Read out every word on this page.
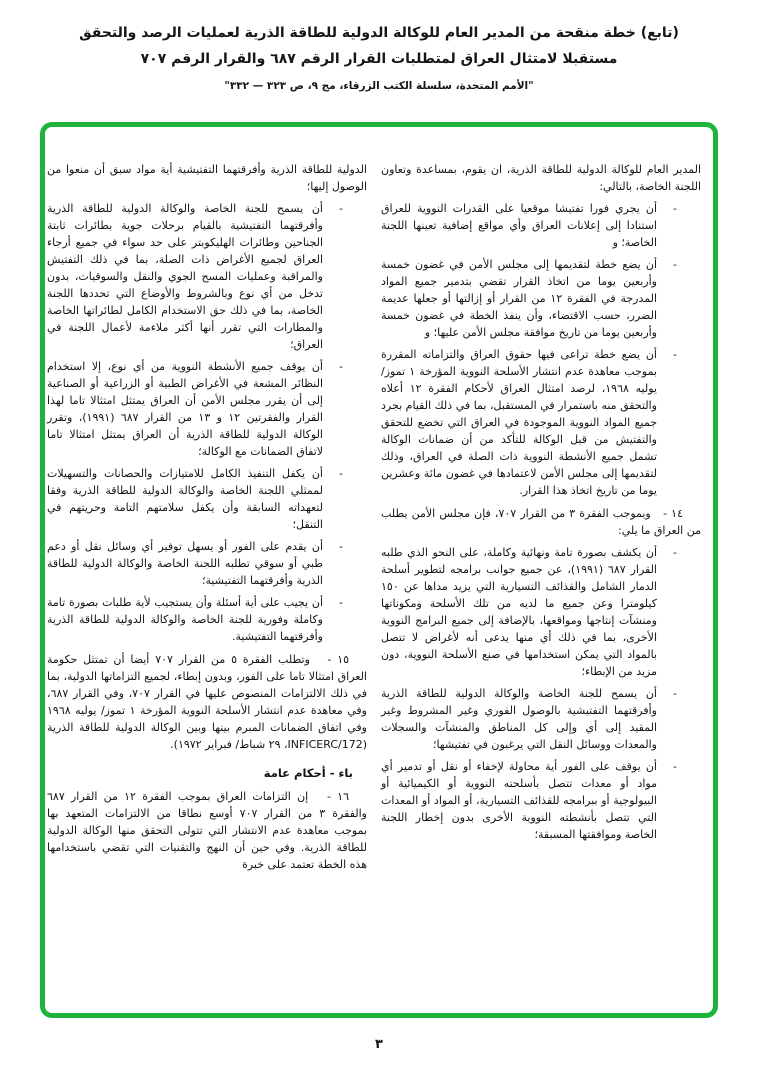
(تابع) خطة منقحة من المدير العام للوكالة الدولية للطاقة الذرية لعمليات الرصد والتحقق
مستقبلا لامتثال العراق لمتطلبات القرار الرقم ٦٨٧ والقرار الرقم ٧٠٧
"الأمم المتحدة، سلسلة الكتب الزرقاء، مج ٩، ص ٣٢٣ — ٣٣٢"

المدير العام للوكالة الدولية للطاقة الذرية، ان يقوم، بمساعدة وتعاون اللجنة الخاصة، بالتالي:

-
أن يجري فورا تفتيشا موقعيا على القدرات النووية للعراق استنادا إلى إعلانات العراق وأي مواقع إضافية تعينها اللجنة الخاصة؛ و
-
أن يضع خطة لتقديمها إلى مجلس الأمن في غضون خمسة وأربعين يوما من اتخاذ القرار تقضي بتدمير جميع المواد المدرجة في الفقرة ١٢ من القرار أو إزالتها أو جعلها عديمة الضرر، حسب الاقتضاء، وأن ينفذ الخطة في غضون خمسة وأربعين يوما من تاريخ موافقة مجلس الأمن عليها؛ و
-
أن يضع خطة تراعى فيها حقوق العراق والتزاماته المقررة بموجب معاهدة عدم انتشار الأسلحة النووية المؤرخة ١ تموز/ يوليه ١٩٦٨، لرصد امتثال العراق لأحكام الفقرة ١٢ أعلاه والتحقق منه باستمرار في المستقبل، بما في ذلك القيام بجرد جميع المواد النووية الموجودة في العراق التي تخضع للتحقق والتفتيش من قبل الوكالة للتأكد من أن ضمانات الوكالة تشمل جميع الأنشطة النووية ذات الصلة في العراق، وذلك لتقديمها إلى مجلس الأمن لاعتمادها في غضون مائة وعشرين يوما من تاريخ اتخاذ هذا القرار.

١٤ -   وبموجب الفقرة ٣ من القرار ٧٠٧، فإن مجلس الأمن يطلب من العراق ما يلي:

-
أن يكشف بصورة تامة ونهائية وكاملة، على النحو الذي طلبه القرار ٦٨٧ (١٩٩١)، عن جميع جوانب برامجه لتطوير أسلحة الدمار الشامل والقذائف التسيارية التي يزيد مداها عن ١٥٠ كيلومترا وعن جميع ما لديه من تلك الأسلحة ومكوناتها ومنشآت إنتاجها ومواقعها، بالإضافة إلى جميع البرامج النووية الأخرى، بما في ذلك أي منها يدعى أنه لأغراض لا تتصل بالمواد التي يمكن استخدامها في صنع الأسلحة النووية، دون مزيد من الإبطاء؛
-
أن يسمح للجنة الخاصة والوكالة الدولية للطاقة الذرية وأفرقتهما التفتيشية بالوصول الفوري وغير المشروط وغير المقيد إلى أي وإلى كل المناطق والمنشآت والسجلات والمعدات ووسائل النقل التي يرغبون في تفتيشها؛
-
أن يوقف على الفور أية محاولة لإخفاء أو نقل أو تدمير أي مواد أو معدات تتصل بأسلحته النووية أو الكيميائية أو البيولوجية أو ببرامجه للقذائف التسيارية، أو المواد أو المعدات التي تتصل بأنشطته النووية الأخرى بدون إخطار اللجنة الخاصة وموافقتها المسبقة؛

الدولية للطاقة الذرية وأفرقتهما التفتيشية أية مواد سبق أن منعوا من الوصول إليها؛

-
أن يسمح للجنة الخاصة والوكالة الدولية للطاقة الذرية وأفرقتهما التفتيشية بالقيام برحلات جوية بطائرات ثابتة الجناحين وطائرات الهليكوبتر على حد سواء في جميع أرجاء العراق لجميع الأغراض ذات الصلة، بما في ذلك التفتيش والمراقبة وعمليات المسح الجوي والنقل والسوقيات، بدون تدخل من أي نوع وبالشروط والأوضاع التي تحددها اللجنة الخاصة، بما في ذلك حق الاستخدام الكامل لطائراتها الخاصة والمطارات التي تقرر أنها أكثر ملاءمة لأعمال اللجنة في العراق؛
-
أن يوقف جميع الأنشطة النووية من أي نوع، إلا استخدام النظائر المشعة في الأغراض الطبية أو الزراعية أو الصناعية إلى أن يقرر مجلس الأمن أن العراق يمتثل امتثالا تاما لهذا القرار والفقرتين ١٢ و ١٣ من القرار ٦٨٧ (١٩٩١)، وتقرر الوكالة الدولية للطاقة الذرية أن العراق يمتثل امتثالا تاما لاتفاق الضمانات مع الوكالة؛
-
أن يكفل التنفيذ الكامل للامتيازات والحصانات والتسهيلات لممثلي اللجنة الخاصة والوكالة الدولية للطاقة الذرية وفقا لتعهداته السابقة وأن يكفل سلامتهم التامة وحريتهم في التنقل؛
-
أن يقدم على الفور أو يسهل توفير أي وسائل نقل أو دعم طبي أو سوقي تطلبه اللجنة الخاصة والوكالة الدولية للطاقة الذرية وأفرقتهما التفتيشية؛
-
أن يجيب على أية أسئلة وأن يستجيب لأية طلبات بصورة تامة وكاملة وفورية للجنة الخاصة والوكالة الدولية للطاقة الذرية وأفرقتهما التفتيشية.

١٥ -   وتطلب الفقرة ٥ من القرار ٧٠٧ أيضا أن تمتثل حكومة العراق امتثالا تاما على الفور، وبدون إبطاء، لجميع التزاماتها الدولية، بما في ذلك الالتزامات المنصوص عليها في القرار ٧٠٧، وفي القرار ٦٨٧، وفي معاهدة عدم انتشار الأسلحة النووية المؤرخة ١ تموز/ يوليه ١٩٦٨ وفي اتفاق الضمانات المبرم بينها وبين الوكالة الدولية للطاقة الذرية (INFICERC/172، ٢٩ شباط/ فبراير ١٩٧٢).

باء - أحكام عامة

١٦ -   إن التزامات العراق بموجب الفقرة ١٢ من القرار ٦٨٧ والفقرة ٣ من القرار ٧٠٧ أوسع نطاقا من الالتزامات المتعهد بها بموجب معاهدة عدم الانتشار التي تتولى التحقق منها الوكالة الدولية للطاقة الذرية. وفي حين أن النهج والتقنيات التي تقضي باستخدامها هذه الخطة تعتمد على خبرة

٣
